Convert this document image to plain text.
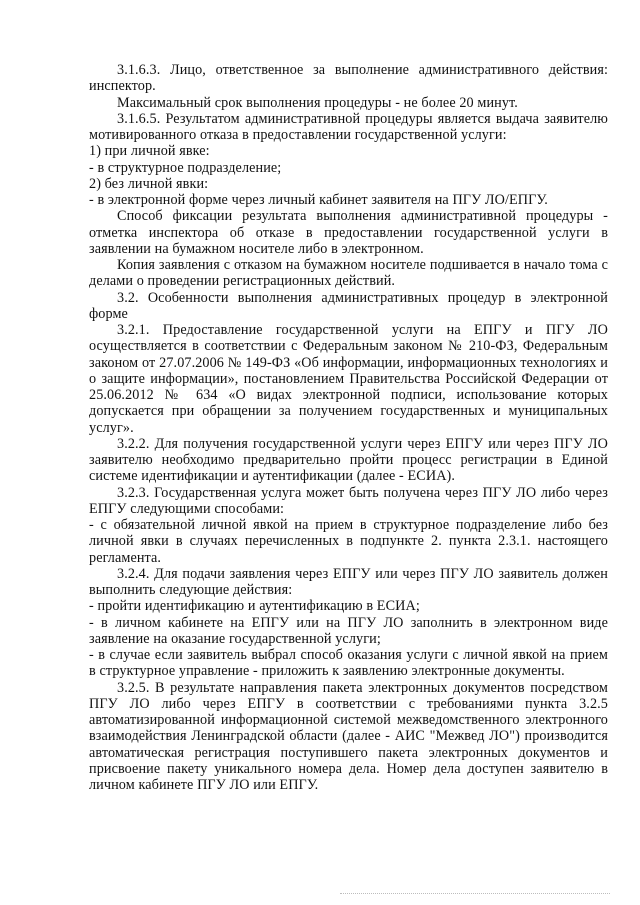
3.1.6.3. Лицо, ответственное за выполнение административного действия: инспектор.

Максимальный срок выполнения процедуры - не более 20 минут.

3.1.6.5. Результатом административной процедуры является выдача заявителю мотивированного отказа в предоставлении государственной услуги:

1) при личной явке:

- в структурное подразделение;

2) без личной явки:

- в электронной форме через личный кабинет заявителя на ПГУ ЛО/ЕПГУ.

Способ фиксации результата выполнения административной процедуры - отметка инспектора об отказе в предоставлении государственной услуги в заявлении на бумажном носителе либо в электронном.

Копия заявления с отказом на бумажном носителе подшивается в начало тома с делами о проведении регистрационных действий.

3.2. Особенности выполнения административных процедур в электронной форме

3.2.1. Предоставление государственной услуги на ЕПГУ и ПГУ ЛО осуществляется в соответствии с Федеральным законом № 210-ФЗ, Федеральным законом от 27.07.2006 № 149-ФЗ «Об информации, информационных технологиях и о защите информации», постановлением Правительства Российской Федерации от 25.06.2012 № 634 «О видах электронной подписи, использование которых допускается при обращении за получением государственных и муниципальных услуг».

3.2.2. Для получения государственной услуги через ЕПГУ или через ПГУ ЛО заявителю необходимо предварительно пройти процесс регистрации в Единой системе идентификации и аутентификации (далее - ЕСИА).

3.2.3. Государственная услуга может быть получена через ПГУ ЛО либо через ЕПГУ следующими способами:

- с обязательной личной явкой на прием в структурное подразделение либо без личной явки в случаях перечисленных в подпункте 2. пункта 2.3.1. настоящего регламента.

3.2.4. Для подачи заявления через ЕПГУ или через ПГУ ЛО заявитель должен выполнить следующие действия:

- пройти идентификацию и аутентификацию в ЕСИА;

- в личном кабинете на ЕПГУ или на ПГУ ЛО заполнить в электронном виде заявление на оказание государственной услуги;

- в случае если заявитель выбрал способ оказания услуги с личной явкой на прием в структурное управление - приложить к заявлению электронные документы.

3.2.5. В результате направления пакета электронных документов посредством ПГУ ЛО либо через ЕПГУ в соответствии с требованиями пункта 3.2.5 автоматизированной информационной системой межведомственного электронного взаимодействия Ленинградской области (далее - АИС "Межвед ЛО") производится автоматическая регистрация поступившего пакета электронных документов и присвоение пакету уникального номера дела. Номер дела доступен заявителю в личном кабинете ПГУ ЛО или ЕПГУ.
